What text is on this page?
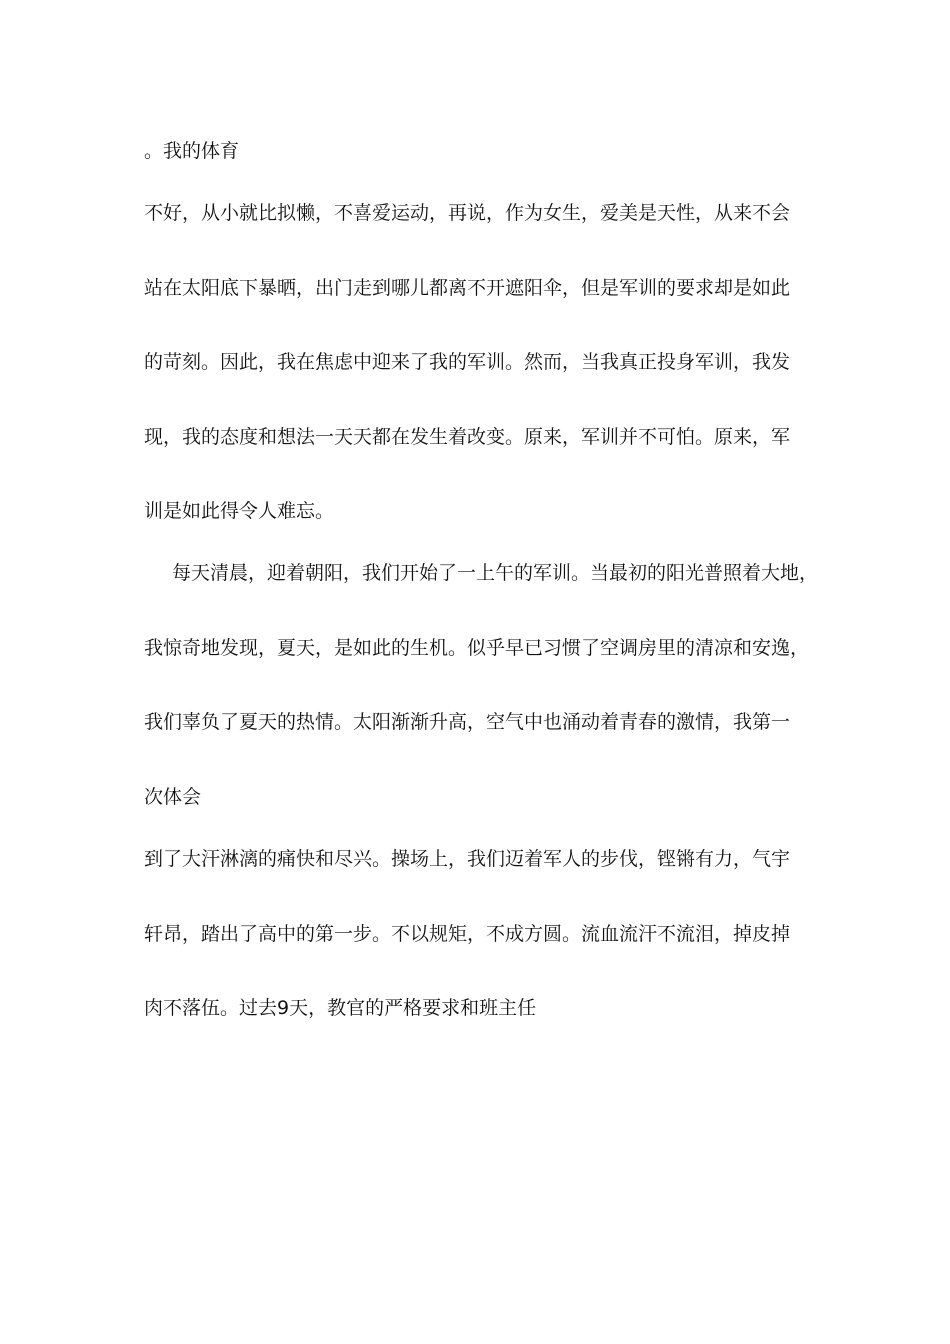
。我的体育
不好，从小就比拟懒，不喜爱运动，再说，作为女生，爱美是天性，从来不会
站在太阳底下暴晒，出门走到哪儿都离不开遮阳伞，但是军训的要求却是如此
的苛刻。因此，我在焦虑中迎来了我的军训。然而，当我真正投身军训，我发
现，我的态度和想法一天天都在发生着改变。原来，军训并不可怕。原来，军
训是如此得令人难忘。
每天清晨，迎着朝阳，我们开始了一上午的军训。当最初的阳光普照着大地，
我惊奇地发现，夏天，是如此的生机。似乎早已习惯了空调房里的清凉和安逸，
我们辜负了夏天的热情。太阳渐渐升高，空气中也涌动着青春的激情，我第一
次体会
到了大汗淋漓的痛快和尽兴。操场上，我们迈着军人的步伐，铿锵有力，气宇
轩昂，踏出了高中的第一步。不以规矩，不成方圆。流血流汗不流泪，掉皮掉
肉不落伍。过去9天，教官的严格要求和班主任
